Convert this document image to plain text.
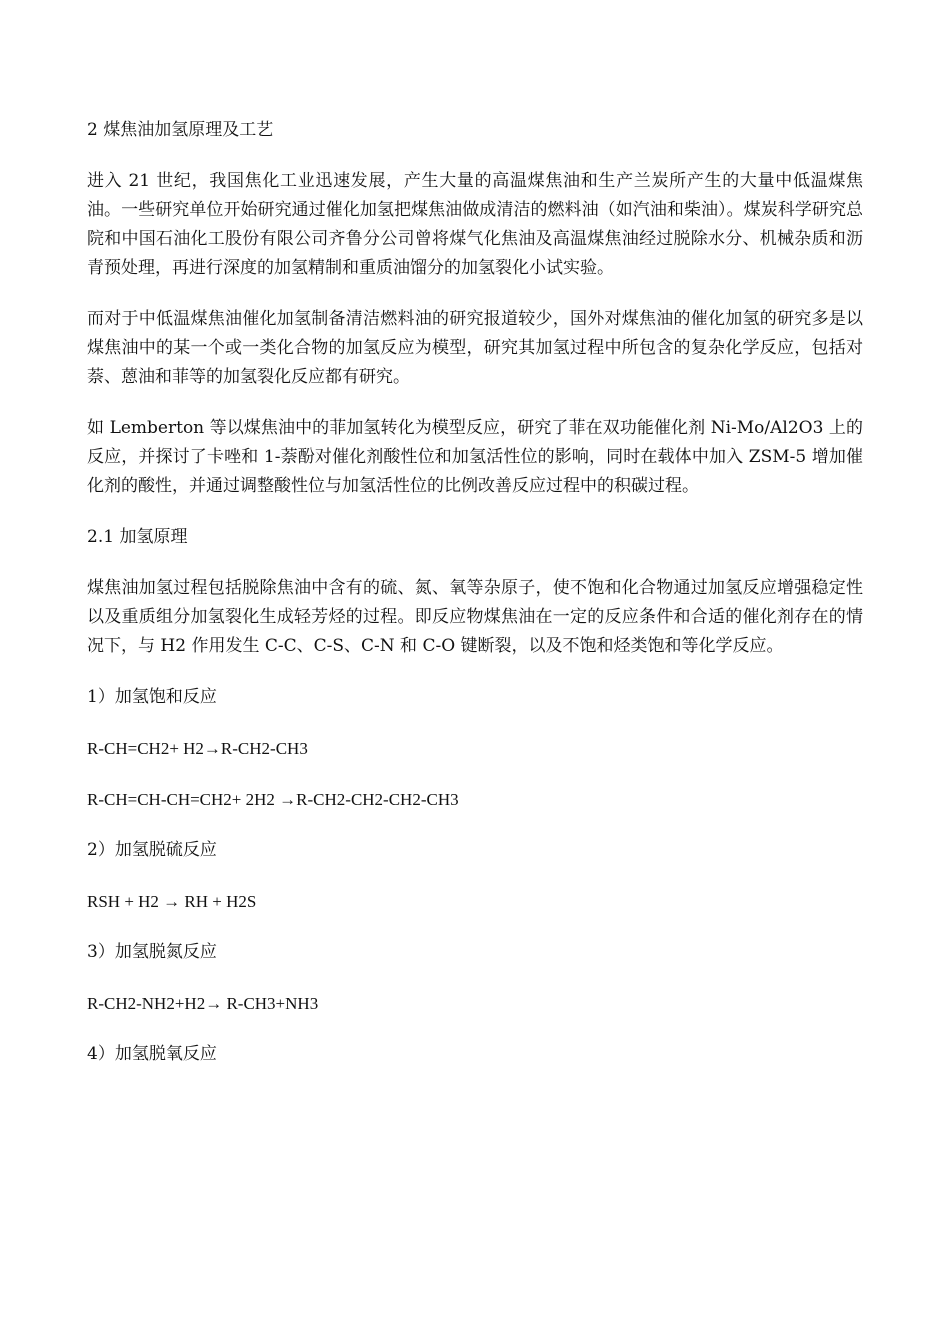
2 煤焦油加氢原理及工艺
进入 21 世纪，我国焦化工业迅速发展，产生大量的高温煤焦油和生产兰炭所产生的大量中低温煤焦油。一些研究单位开始研究通过催化加氢把煤焦油做成清洁的燃料油（如汽油和柴油）。煤炭科学研究总院和中国石油化工股份有限公司齐鲁分公司曾将煤气化焦油及高温煤焦油经过脱除水分、机械杂质和沥青预处理，再进行深度的加氢精制和重质油馏分的加氢裂化小试实验。
而对于中低温煤焦油催化加氢制备清洁燃料油的研究报道较少，国外对煤焦油的催化加氢的研究多是以煤焦油中的某一个或一类化合物的加氢反应为模型，研究其加氢过程中所包含的复杂化学反应，包括对萘、蒽油和菲等的加氢裂化反应都有研究。
如 Lemberton 等以煤焦油中的菲加氢转化为模型反应，研究了菲在双功能催化剂 Ni-Mo/Al2O3 上的反应，并探讨了卡唑和 1-萘酚对催化剂酸性位和加氢活性位的影响，同时在载体中加入 ZSM-5 增加催化剂的酸性，并通过调整酸性位与加氢活性位的比例改善反应过程中的积碳过程。
2.1 加氢原理
煤焦油加氢过程包括脱除焦油中含有的硫、氮、氧等杂原子，使不饱和化合物通过加氢反应增强稳定性以及重质组分加氢裂化生成轻芳烃的过程。即反应物煤焦油在一定的反应条件和合适的催化剂存在的情况下，与 H2 作用发生 C-C、C-S、C-N 和 C-O 键断裂，以及不饱和烃类饱和等化学反应。
1）加氢饱和反应
R-CH=CH2+ H2→R-CH2-CH3
R-CH=CH-CH=CH2+ 2H2 →R-CH2-CH2-CH2-CH3
2）加氢脱硫反应
RSH + H2 → RH + H2S
3）加氢脱氮反应
R-CH2-NH2+H2→ R-CH3+NH3
4）加氢脱氧反应
